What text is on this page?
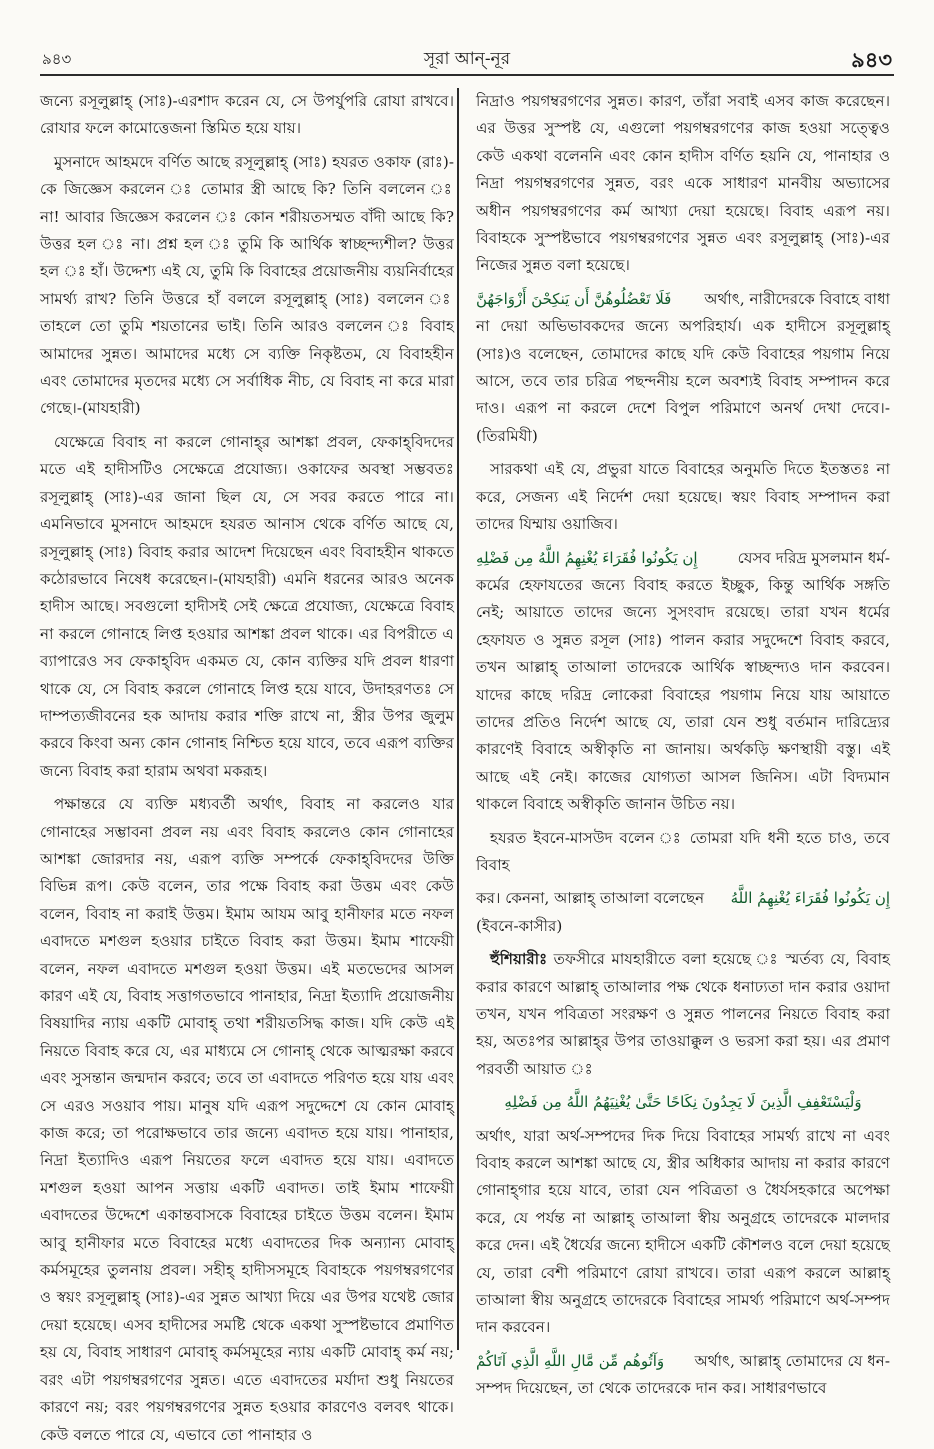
৯৪৩	সূরা আন্-নূর	৯৪৩

জন্যে রসূলুল্লাহ্ (সাঃ)-এরশাদ করেন যে, সে উপর্যুপরি রোযা রাখবে। রোযার ফলে কামোত্তেজনা স্তিমিত হয়ে যায়।

মুসনাদে আহমদে বর্ণিত আছে রসূলুল্লাহ্ (সাঃ) হযরত ওকাফ (রাঃ)-কে জিজ্ঞেস করলেন ঃ তোমার স্ত্রী আছে কি? তিনি বললেন ঃ না! আবার জিজ্ঞেস করলেন ঃ কোন শরীয়তসম্মত বাঁদী আছে কি? উত্তর হল ঃ না। প্রশ্ন হল ঃ তুমি কি আর্থিক স্বাচ্ছন্দ্যশীল? উত্তর হল ঃ হাঁ। উদ্দেশ্য এই যে, তুমি কি বিবাহের প্রয়োজনীয় ব্যয়নির্বাহের সামর্থ্য রাখ? তিনি উত্তরে হাঁ বললে রসূলুল্লাহ্ (সাঃ) বললেন ঃ তাহলে তো তুমি শয়তানের ভাই। তিনি আরও বললেন ঃ বিবাহ আমাদের সুন্নত। আমাদের মধ্যে সে ব্যক্তি নিকৃষ্টতম, যে বিবাহহীন এবং তোমাদের মৃতদের মধ্যে সে সর্বাধিক নীচ, যে বিবাহ না করে মারা গেছে।-(মাযহারী)

যেক্ষেত্রে বিবাহ না করলে গোনাহ্‌র আশঙ্কা প্রবল, ফেকাহ্‌বিদদের মতে এই হাদীসটিও সেক্ষেত্রে প্রযোজ্য। ওকাফের অবস্থা সম্ভবতঃ রসূলুল্লাহ্ (সাঃ)-এর জানা ছিল যে, সে সবর করতে পারে না। এমনিভাবে মুসনাদে আহমদে হযরত আনাস থেকে বর্ণিত আছে যে, রসূলুল্লাহ্ (সাঃ) বিবাহ করার আদেশ দিয়েছেন এবং বিবাহহীন থাকতে কঠোরভাবে নিষেধ করেছেন।-(মাযহারী) এমনি ধরনের আরও অনেক হাদীস আছে। সবগুলো হাদীসই সেই ক্ষেত্রে প্রযোজ্য, যেক্ষেত্রে বিবাহ না করলে গোনাহে লিপ্ত হওয়ার আশঙ্কা প্রবল থাকে। এর বিপরীতে এ ব্যাপারেও সব ফেকাহ্‌বিদ একমত যে, কোন ব্যক্তির যদি প্রবল ধারণা থাকে যে, সে বিবাহ করলে গোনাহে লিপ্ত হয়ে যাবে, উদাহরণতঃ সে দাম্পত্যজীবনের হক আদায় করার শক্তি রাখে না, স্ত্রীর উপর জুলুম করবে কিংবা অন্য কোন গোনাহ নিশ্চিত হয়ে যাবে, তবে এরূপ ব্যক্তির জন্যে বিবাহ করা হারাম অথবা মকরূহ।

পক্ষান্তরে যে ব্যক্তি মধ্যবর্তী অর্থাৎ, বিবাহ না করলেও যার গোনাহের সম্ভাবনা প্রবল নয় এবং বিবাহ করলেও কোন গোনাহের আশঙ্কা জোরদার নয়, এরূপ ব্যক্তি সম্পর্কে ফেকাহ্‌বিদদের উক্তি বিভিন্ন রূপ। কেউ বলেন, তার পক্ষে বিবাহ করা উত্তম এবং কেউ বলেন, বিবাহ না করাই উত্তম। ইমাম আযম আবু হানীফার মতে নফল এবাদতে মশগুল হওয়ার চাইতে বিবাহ করা উত্তম। ইমাম শাফেয়ী বলেন, নফল এবাদতে মশগুল হওয়া উত্তম। এই মতভেদের আসল কারণ এই যে, বিবাহ সত্তাগতভাবে পানাহার, নিদ্রা ইত্যাদি প্রয়োজনীয় বিষয়াদির ন্যায় একটি মোবাহ্ তথা শরীয়তসিদ্ধ কাজ। যদি কেউ এই নিয়তে বিবাহ করে যে, এর মাধ্যমে সে গোনাহ্ থেকে আত্মরক্ষা করবে এবং সুসন্তান জন্মদান করবে; তবে তা এবাদতে পরিণত হয়ে যায় এবং সে এরও সওয়াব পায়। মানুষ যদি এরূপ সদুদ্দেশে যে কোন মোবাহ্ কাজ করে; তা পরোক্ষভাবে তার জন্যে এবাদত হয়ে যায়। পানাহার, নিদ্রা ইত্যাদিও এরূপ নিয়তের ফলে এবাদত হয়ে যায়। এবাদতে মশগুল হওয়া আপন সত্তায় একটি এবাদত। তাই ইমাম শাফেয়ী এবাদতের উদ্দেশে একান্তবাসকে বিবাহের চাইতে উত্তম বলেন। ইমাম আবু হানীফার মতে বিবাহের মধ্যে এবাদতের দিক অন্যান্য মোবাহ্ কর্মসমূহের তুলনায় প্রবল। সহীহ্ হাদীসসমূহে বিবাহকে পয়গম্বরগণের ও স্বয়ং রসূলুল্লাহ্ (সাঃ)-এর সুন্নত আখ্যা দিয়ে এর উপর যথেষ্ট জোর দেয়া হয়েছে। এসব হাদীসের সমষ্টি থেকে একথা সুস্পষ্টভাবে প্রমাণিত হয় যে, বিবাহ সাধারণ মোবাহ্ কর্মসমূহের ন্যায় একটি মোবাহ্ কর্ম নয়; বরং এটা পয়গম্বরগণের সুন্নত। এতে এবাদতের মর্যাদা শুধু নিয়তের কারণে নয়; বরং পয়গম্বরগণের সুন্নত হওয়ার কারণেও বলবৎ থাকে। কেউ বলতে পারে যে, এভাবে তো পানাহার ও

নিদ্রাও পয়গম্বরগণের সুন্নত। কারণ, তাঁরা সবাই এসব কাজ করেছেন। এর উত্তর সুস্পষ্ট যে, এগুলো পয়গম্বরগণের কাজ হওয়া সত্ত্বেও কেউ একথা বলেননি এবং কোন হাদীস বর্ণিত হয়নি যে, পানাহার ও নিদ্রা পয়গম্বরগণের সুন্নত, বরং একে সাধারণ মানবীয় অভ্যাসের অধীন পয়গম্বরগণের কর্ম আখ্যা দেয়া হয়েছে। বিবাহ এরূপ নয়। বিবাহকে সুস্পষ্টভাবে পয়গম্বরগণের সুন্নত এবং রসূলুল্লাহ্ (সাঃ)-এর নিজের সুন্নত বলা হয়েছে।

فَلَا تَعْضُلُوهُنَّ أَن يَنكِحْنَ أَزْوَاجَهُنَّ অর্থাৎ, নারীদেরকে বিবাহে বাধা

না দেয়া অভিভাবকদের জন্যে অপরিহার্য। এক হাদীসে রসূলুল্লাহ্ (সাঃ)ও বলেছেন, তোমাদের কাছে যদি কেউ বিবাহের পয়গাম নিয়ে আসে, তবে তার চরিত্র পছন্দনীয় হলে অবশ্যই বিবাহ সম্পাদন করে দাও। এরূপ না করলে দেশে বিপুল পরিমাণে অনর্থ দেখা দেবে।-(তিরমিযী)

সারকথা এই যে, প্রভুরা যাতে বিবাহের অনুমতি দিতে ইতস্ততঃ না করে, সেজন্য এই নির্দেশ দেয়া হয়েছে। স্বয়ং বিবাহ সম্পাদন করা তাদের যিম্মায় ওয়াজিব।

إِن يَكُونُوا فُقَرَاءَ يُغْنِهِمُ اللَّهُ مِن فَضْلِهِ	যেসব দরিদ্র মুসলমান ধর্ম-

কর্মের হেফাযতের জন্যে বিবাহ করতে ইচ্ছুক, কিন্তু আর্থিক সঙ্গতি নেই; আয়াতে তাদের জন্যে সুসংবাদ রয়েছে। তারা যখন ধর্মের হেফাযত ও সুন্নত রসূল (সাঃ) পালন করার সদুদ্দেশে বিবাহ করবে, তখন আল্লাহ্ তাআলা তাদেরকে আর্থিক স্বাচ্ছন্দ্যও দান করবেন। যাদের কাছে দরিদ্র লোকেরা বিবাহের পয়গাম নিয়ে যায় আয়াতে তাদের প্রতিও নির্দেশ আছে যে, তারা যেন শুধু বর্তমান দারিদ্র্যের কারণেই বিবাহে অস্বীকৃতি না জানায়। অর্থকড়ি ক্ষণস্থায়ী বস্তু। এই আছে এই নেই। কাজের যোগ্যতা আসল জিনিস। এটা বিদ্যমান থাকলে বিবাহে অস্বীকৃতি জানান উচিত নয়।

হযরত ইবনে-মাসউদ বলেন ঃ তোমরা যদি ধনী হতে চাও, তবে বিবাহ

কর। কেননা, আল্লাহ্ তাআলা বলেছেন إِن يَكُونُوا فُقَرَاءَ يُغْنِهِمُ اللَّهُ

(ইবনে-কাসীর)

হুঁশিয়ারীঃ তফসীরে মাযহারীতে বলা হয়েছে ঃ স্মর্তব্য যে, বিবাহ করার কারণে আল্লাহ্ তাআলার পক্ষ থেকে ধনাঢ্যতা দান করার ওয়াদা তখন, যখন পবিত্রতা সংরক্ষণ ও সুন্নত পালনের নিয়তে বিবাহ করা হয়, অতঃপর আল্লাহ্‌র উপর তাওয়াক্কুল ও ভরসা করা হয়। এর প্রমাণ পরবর্তী আয়াত ঃ

وَلْيَسْتَعْفِفِ الَّذِينَ لَا يَجِدُونَ نِكَاحًا حَتَّىٰ يُغْنِيَهُمُ اللَّهُ مِن فَضْلِهِ

অর্থাৎ, যারা অর্থ-সম্পদের দিক দিয়ে বিবাহের সামর্থ্য রাখে না এবং বিবাহ করলে আশঙ্কা আছে যে, স্ত্রীর অধিকার আদায় না করার কারণে গোনাহ্‌গার হয়ে যাবে, তারা যেন পবিত্রতা ও ধৈর্যসহকারে অপেক্ষা করে, যে পর্যন্ত না আল্লাহ্ তাআলা স্বীয় অনুগ্রহে তাদেরকে মালদার করে দেন। এই ধৈর্যের জন্যে হাদীসে একটি কৌশলও বলে দেয়া হয়েছে যে, তারা বেশী পরিমাণে রোযা রাখবে। তারা এরূপ করলে আল্লাহ্ তাআলা স্বীয় অনুগ্রহে তাদেরকে বিবাহের সামর্থ্য পরিমাণে অর্থ-সম্পদ দান করবেন।

وَآتُوهُم مِّن مَّالِ اللَّهِ الَّذِي آتَاكُمْ অর্থাৎ, আল্লাহ্ তোমাদের যে ধন-

সম্পদ দিয়েছেন, তা থেকে তাদেরকে দান কর। সাধারণভাবে
